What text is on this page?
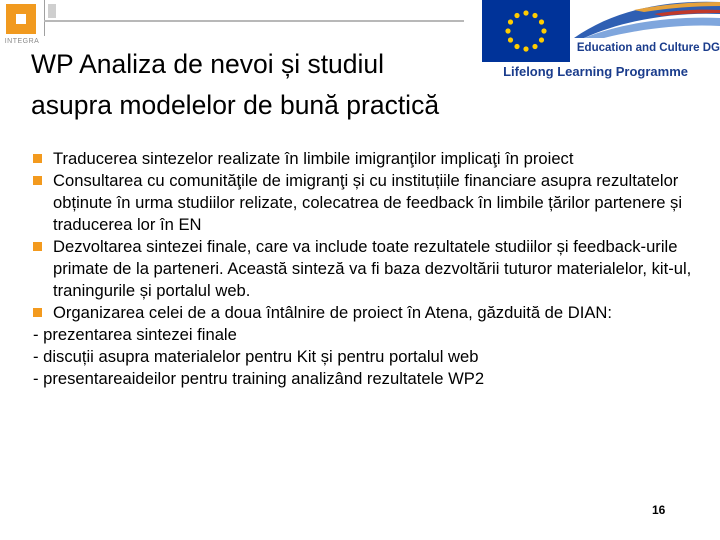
INTEGRA
Education and Culture DG
Lifelong Learning Programme
WP Analiza de nevoi și studiul
asupra modelelor de bună practică
Traducerea sintezelor realizate în limbile imigranţilor implicaţi în proiect
Consultarea cu comunităţile de imigranţi și cu instituțiile financiare asupra rezultatelor obținute în urma studiilor relizate, colecatrea de feedback în limbile țărilor partenere și traducerea lor în EN
Dezvoltarea sintezei finale, care va include toate rezultatele studiilor și feedback-urile primate de la parteneri. Această sinteză va fi baza dezvoltării tuturor materialelor, kit-ul, traningurile și portalul web.
Organizarea celei de a doua întâlnire de proiect în Atena, găzduită de DIAN:
- prezentarea sintezei finale
- discuții asupra materialelor pentru Kit și pentru portalul web
- presentareaideilor pentru training analizând rezultatele WP2
16
